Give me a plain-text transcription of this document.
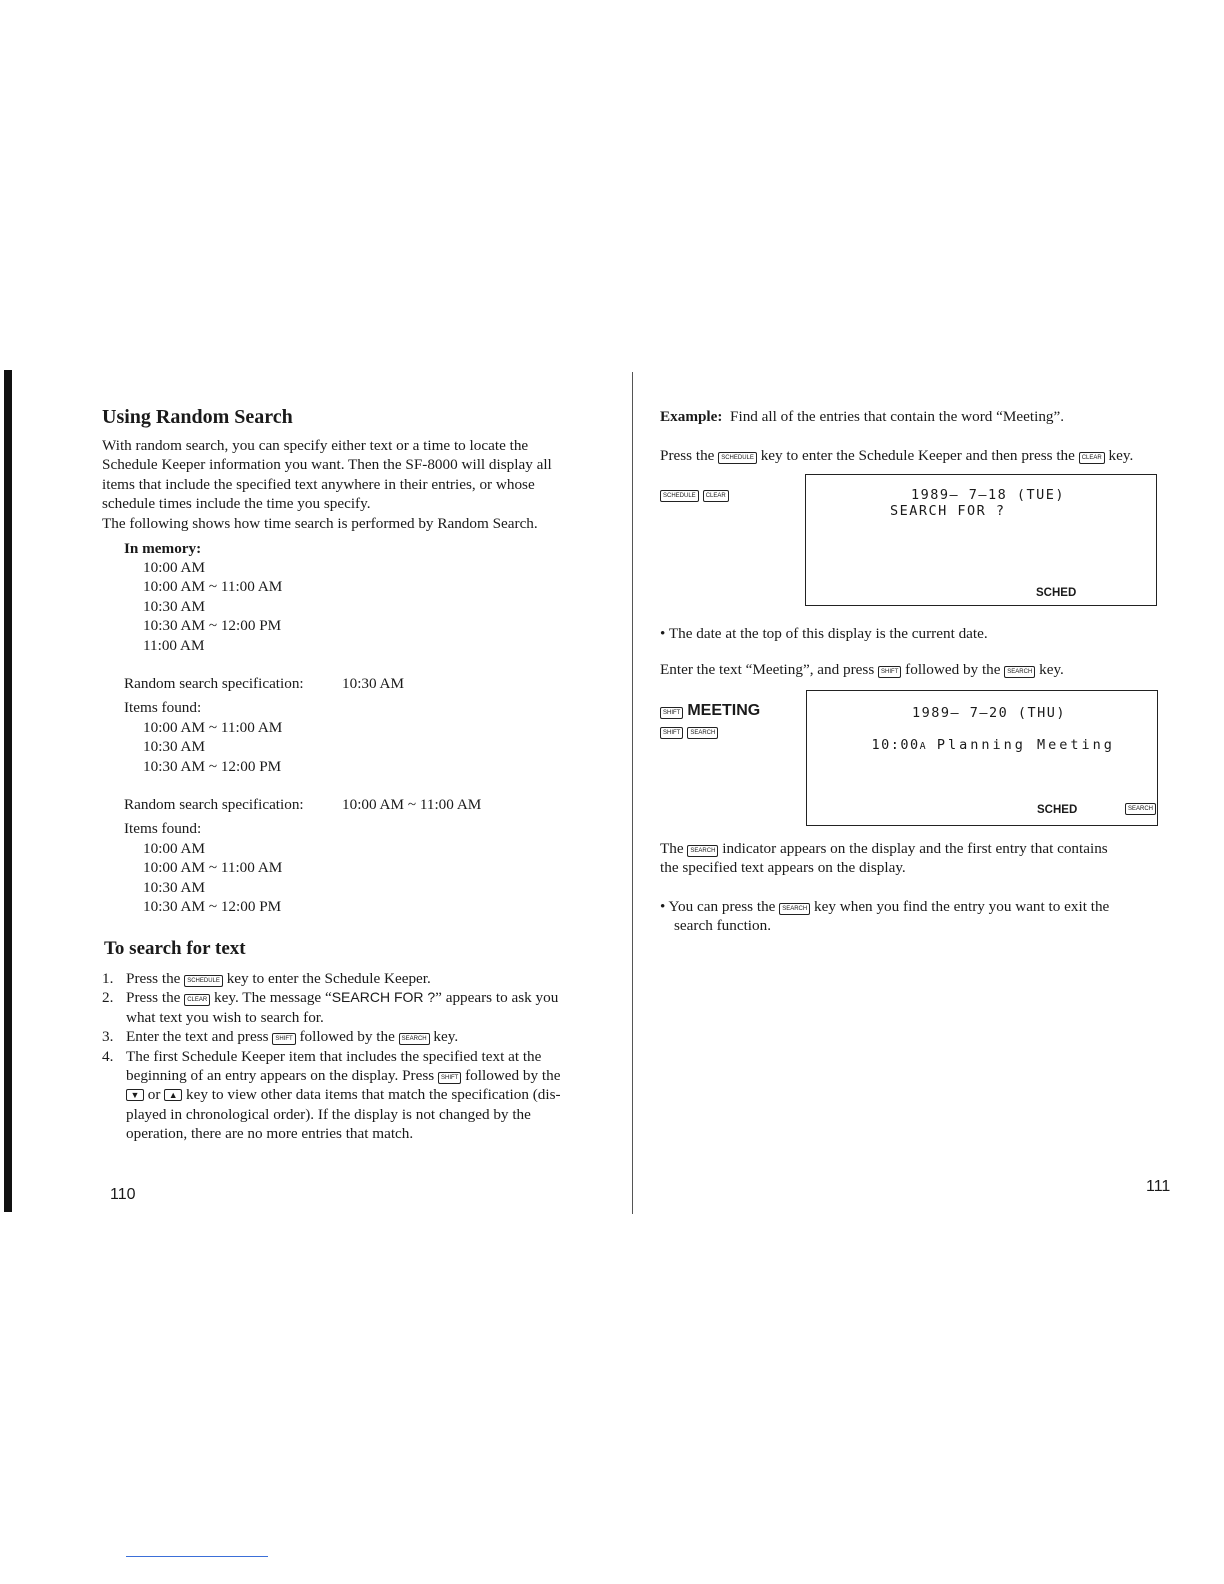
Using Random Search
With random search, you can specify either text or a time to locate the
Schedule Keeper information you want. Then the SF-8000 will display all
items that include the specified text anywhere in their entries, or whose
schedule times include the time you specify.
The following shows how time search is performed by Random Search.
In memory:
10:00 AM
10:00 AM ~ 11:00 AM
10:30 AM
10:30 AM ~ 12:00 PM
11:00 AM
Random search specification:	10:30 AM
Items found:
10:00 AM ~ 11:00 AM
10:30 AM
10:30 AM ~ 12:00 PM
Random search specification:	10:00 AM ~ 11:00 AM
Items found:
10:00 AM
10:00 AM ~ 11:00 AM
10:30 AM
10:30 AM ~ 12:00 PM
To search for text
1. Press the SCHEDULE key to enter the Schedule Keeper.
2. Press the CLEAR key. The message “SEARCH FOR ?” appears to ask you
what text you wish to search for.
3. Enter the text and press SHIFT followed by the SEARCH key.
4. The first Schedule Keeper item that includes the specified text at the
beginning of an entry appears on the display. Press SHIFT followed by the
▼ or ▲ key to view other data items that match the specification (dis-
played in chronological order). If the display is not changed by the
operation, there are no more entries that match.
110
Example: Find all of the entries that contain the word “Meeting”.
Press the SCHEDULE key to enter the Schedule Keeper and then press the CLEAR key.
SCHEDULE CLEAR	1989– 7–18 (TUE)
SEARCH FOR ?
SCHED
• The date at the top of this display is the current date.
Enter the text “Meeting”, and press SHIFT followed by the SEARCH key.
SHIFT MEETING
SHIFT SEARCH
1989– 7–20 (THU)

10:00A Planning Meeting

SCHED	SEARCH
The SEARCH indicator appears on the display and the first entry that contains
the specified text appears on the display.
• You can press the SEARCH key when you find the entry you want to exit the
search function.
111
